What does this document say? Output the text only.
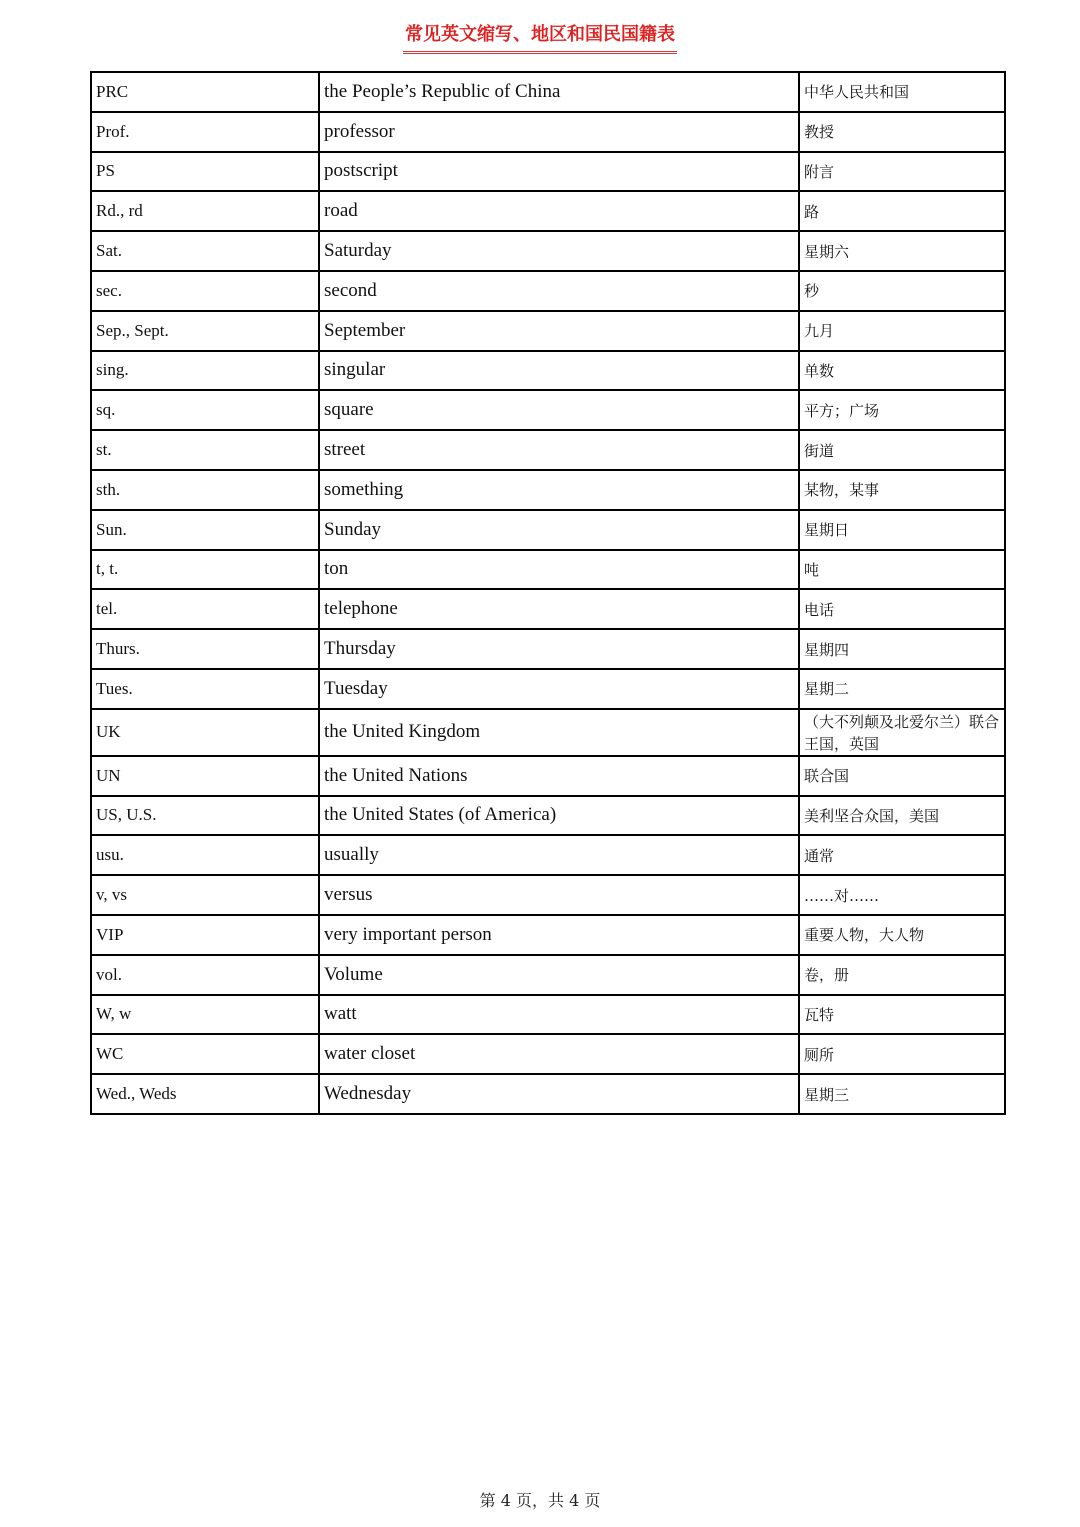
常见英文缩写、地区和国民国籍表
PRC	the People’s Republic of China	中华人民共和国
Prof.	professor	教授
PS	postscript	附言
Rd., rd	road	路
Sat.	Saturday	星期六
sec.	second	秒
Sep., Sept.	September	九月
sing.	singular	单数
sq.	square	平方；广场
st.	street	街道
sth.	something	某物，某事
Sun.	Sunday	星期日
t, t.	ton	吨
tel.	telephone	电话
Thurs.	Thursday	星期四
Tues.	Tuesday	星期二
UK	the United Kingdom	（大不列颠及北爱尔兰）联合王国，英国
UN	the United Nations	联合国
US, U.S.	the United States (of America)	美利坚合众国，美国
usu.	usually	通常
v, vs	versus	……对……
VIP	very important person	重要人物，大人物
vol.	Volume	卷，册
W, w	watt	瓦特
WC	water closet	厕所
Wed., Weds	Wednesday	星期三
第 4 页，共 4 页
